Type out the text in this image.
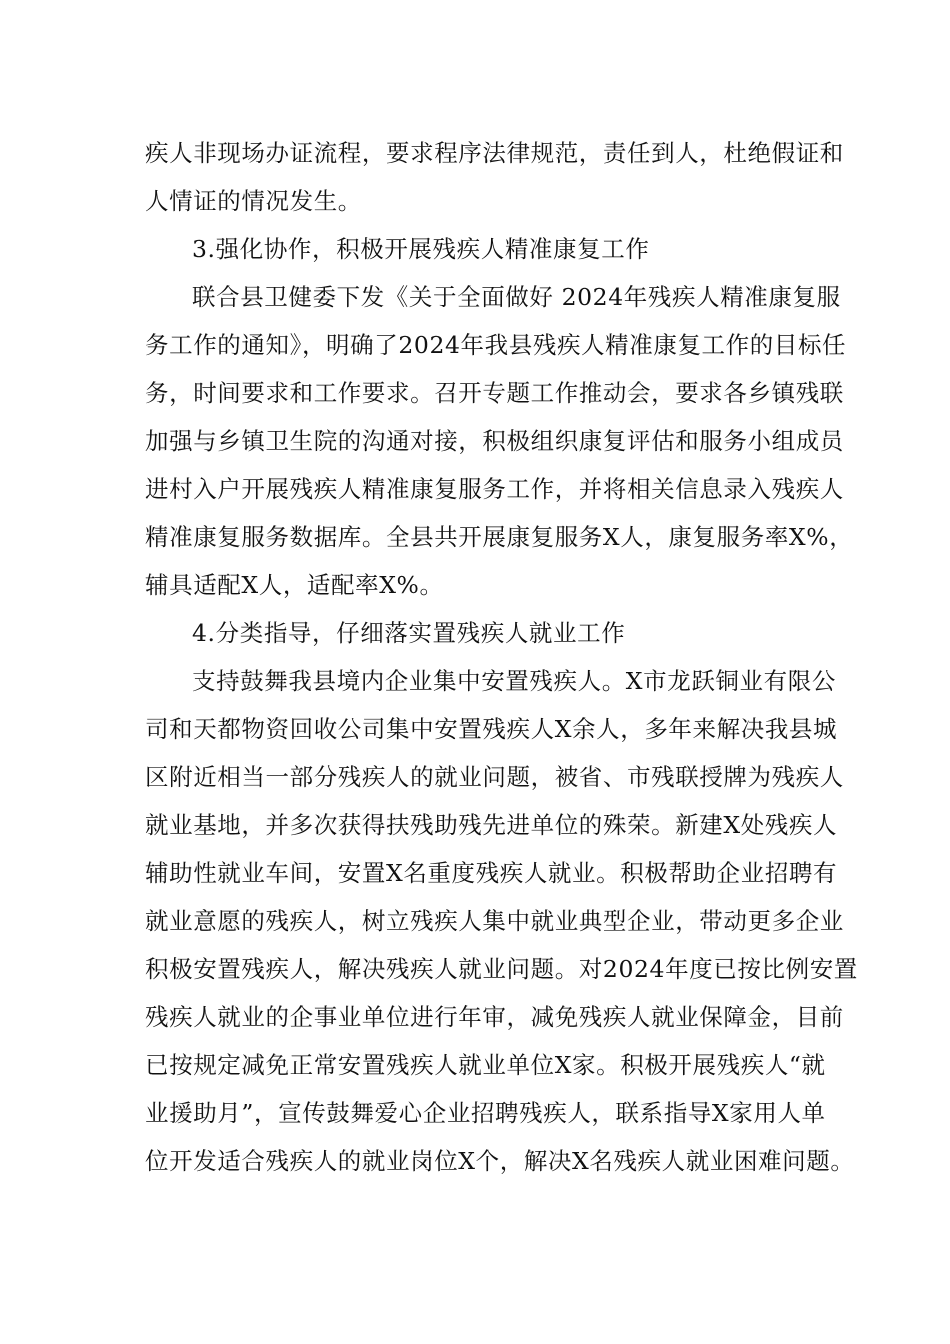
疾人非现场办证流程，要求程序法律规范，责任到人，杜绝假证和
人情证的情况发生。
3.强化协作，积极开展残疾人精准康复工作
联合县卫健委下发《关于全面做好 2024年残疾人精准康复服
务工作的通知》，明确了2024年我县残疾人精准康复工作的目标任
务，时间要求和工作要求。召开专题工作推动会，要求各乡镇残联
加强与乡镇卫生院的沟通对接，积极组织康复评估和服务小组成员
进村入户开展残疾人精准康复服务工作，并将相关信息录入残疾人
精准康复服务数据库。全县共开展康复服务X人，康复服务率X%，
辅具适配X人，适配率X%。
4.分类指导，仔细落实置残疾人就业工作
支持鼓舞我县境内企业集中安置残疾人。X市龙跃铜业有限公
司和天都物资回收公司集中安置残疾人X余人，多年来解决我县城
区附近相当一部分残疾人的就业问题，被省、市残联授牌为残疾人
就业基地，并多次获得扶残助残先进单位的殊荣。新建X处残疾人
辅助性就业车间，安置X名重度残疾人就业。积极帮助企业招聘有
就业意愿的残疾人，树立残疾人集中就业典型企业，带动更多企业
积极安置残疾人，解决残疾人就业问题。对2024年度已按比例安置
残疾人就业的企事业单位进行年审，减免残疾人就业保障金，目前
已按规定减免正常安置残疾人就业单位X家。积极开展残疾人“就
业援助月”，宣传鼓舞爱心企业招聘残疾人，联系指导X家用人单
位开发适合残疾人的就业岗位X个，解决X名残疾人就业困难问题。
